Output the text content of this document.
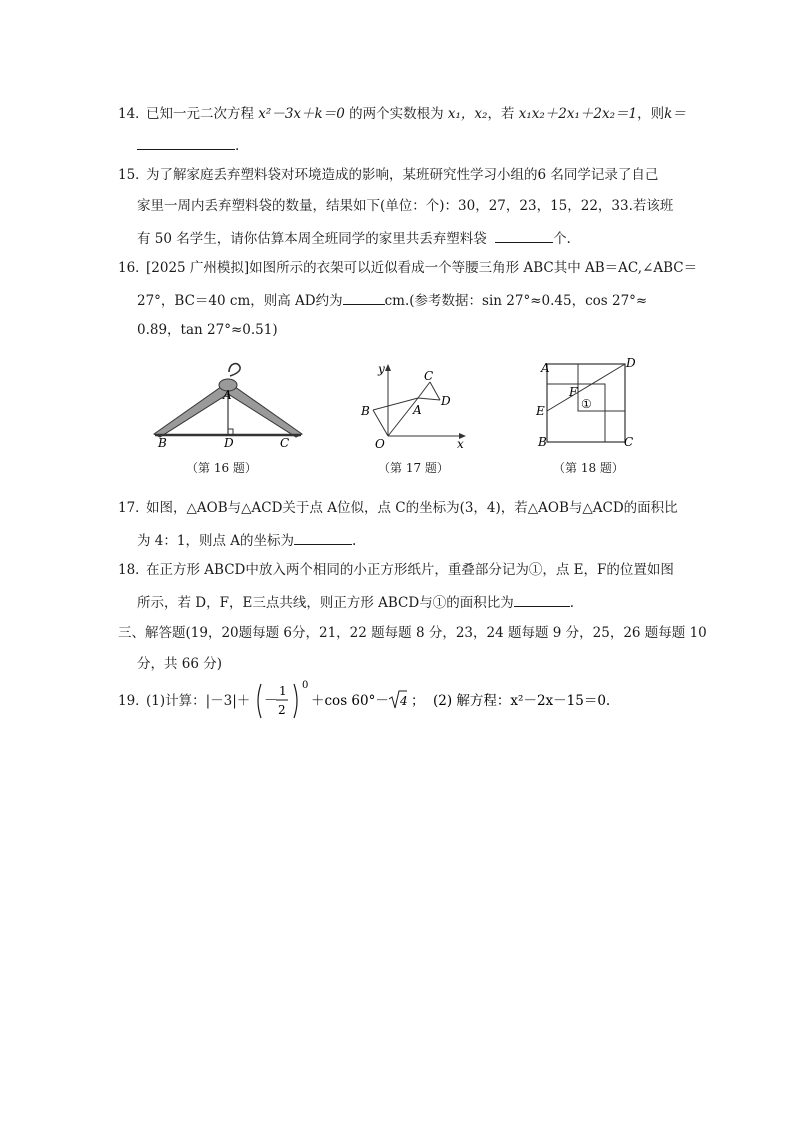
14．
已知一元二次方程 x²－3x＋k＝0 的两个实数根为 x₁，x₂，若 x₁x₂＋2x₁＋2x₂＝1，则k＝
.
15．
为了解家庭丢弃塑料袋对环境造成的影响，某班研究性学习小组的6 名同学记录了自己
家里一周内丢弃塑料袋的数量，结果如下(单位：个)：30，27，23，15，22，33.若该班
有 50 名学生，请你估算本周全班同学的家里共丢弃塑料袋	个.
16．
[2025 广州模拟]如图所示的衣架可以近似看成一个等腰三角形 ABC其中 AB＝AC,∠ABC＝
27°，BC＝40 cm，则高 AD约为	cm.(参考数据：sin 27°≈0.45，cos 27°≈
0.89，tan 27°≈0.51)
A
B	D	C
（第 16 题）
y
x
O
B	A
C
D
（第 17 题）
A	D
E
F
①
B	C
（第 18 题）
17．
如图，△AOB与△ACD关于点 A位似，点 C的坐标为(3，4)，若△AOB与△ACD的面积比
为 4：1，则点 A的坐标为	.
18．
在正方形 ABCD中放入两个相同的小正方形纸片，重叠部分记为①，点 E，F的位置如图
所示，若 D，F，E三点共线，则正方形 ABCD与①的面积比为	.
三、解答题(19，20题每题 6分，21，22 题每题 8 分，23，24 题每题 9 分，25，26 题每题 10
分，共 66 分)
19．
(1)计算：|－3|＋ －
1
2
0
＋cos 60°－ 4 ； (2) 解方程：x²－2x－15＝0.
